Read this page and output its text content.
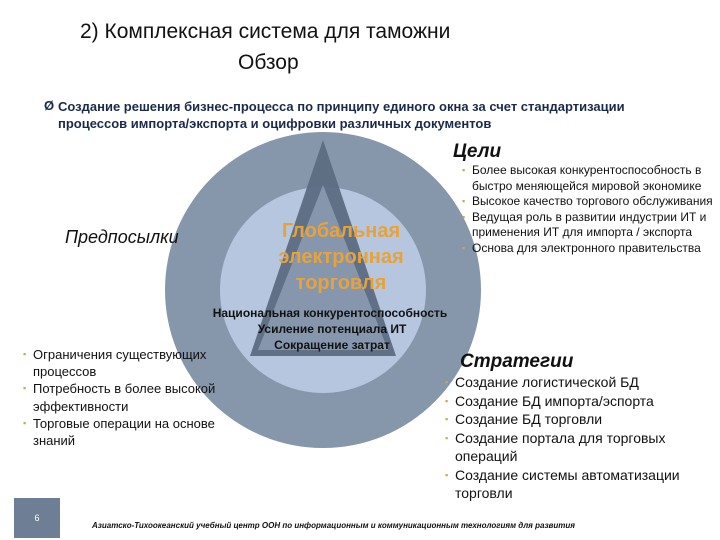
2) Комплексная система для таможни
Обзор
Ø Создание решения бизнес-процесса по принципу единого окна за счет стандартизации процессов импорта/экспорта и оцифровки различных документов
Цели
▪ Более высокая конкурентоспособность в быстро меняющейся мировой экономике
▪ Высокое качество торгового обслуживания
▪ Ведущая роль в развитии индустрии ИТ и применения ИТ для импорта / экспорта
▪ Основа для электронного правительства
Предпосылки
▪ Ограничения существующих процессов
▪ Потребность в более высокой эффективности
▪ Торговые операции на основе знаний
Глобальная электронная торговля
Национальная конкурентоспособность
Усиление потенциала ИТ
Сокращение затрат
Стратегии
▪ Создание логистической БД
▪ Создание БД импорта/эспорта
▪ Создание БД торговли
▪ Создание портала для торговых операций
▪ Создание системы автоматизации торговли
6
Азиатско-Тихоокеанский учебный центр ООН по информационным и коммуникационным технологиям для развития
